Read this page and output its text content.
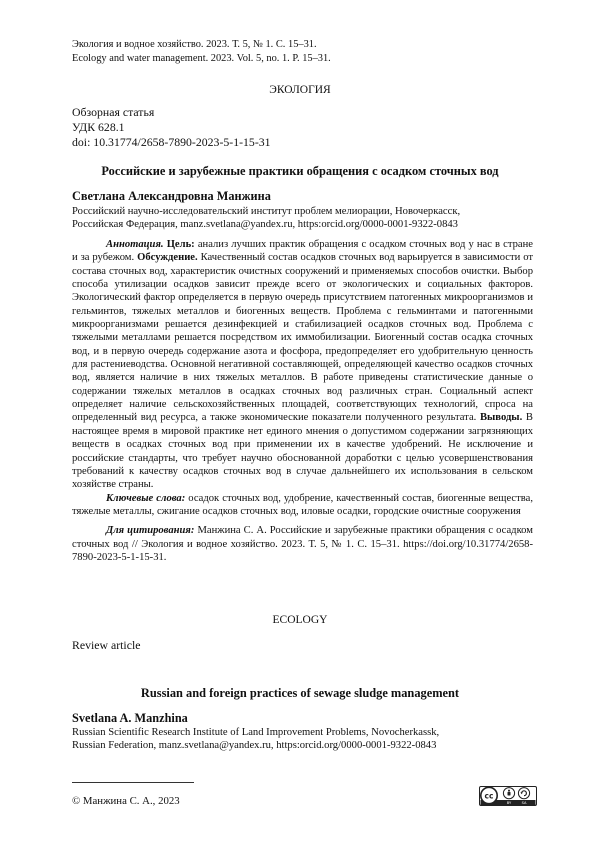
Экология и водное хозяйство. 2023. Т. 5, № 1. С. 15–31.
Ecology and water management. 2023. Vol. 5, no. 1. P. 15–31.
ЭКОЛОГИЯ
Обзорная статья
УДК 628.1
doi: 10.31774/2658-7890-2023-5-1-15-31
Российские и зарубежные практики обращения с осадком сточных вод
Светлана Александровна Манжина
Российский научно-исследовательский институт проблем мелиорации, Новочеркасск,
Российская Федерация, manz.svetlana@yandex.ru, https:orcid.org/0000-0001-9322-0843

Аннотация. Цель: анализ лучших практик обращения с осадком сточных вод у нас в стране и за рубежом. Обсуждение. Качественный состав осадков сточных вод варьируется в зависимости от состава сточных вод, характеристик очистных сооружений и применяемых способов очистки. Выбор способа утилизации осадков зависит прежде всего от экологических и социальных факторов. Экологический фактор определяется в первую очередь присутствием патогенных микроорганизмов и гельминтов, тяжелых металлов и биогенных веществ. Проблема с гельминтами и патогенными микроорганизмами решается дезинфекцией и стабилизацией осадков сточных вод. Проблема с тяжелыми металлами решается посредством их иммобилизации. Биогенный состав осадка сточных вод, и в первую очередь содержание азота и фосфора, предопределяет его удобрительную ценность для растениеводства. Основной негативной составляющей, определяющей качество осадков сточных вод, является наличие в них тяжелых металлов. В работе приведены статистические данные о содержании тяжелых металлов в осадках сточных вод различных стран. Социальный аспект определяет наличие сельскохозяйственных площадей, соответствующих технологий, спроса на определенный вид ресурса, а также экономические показатели полученного результата. Выводы. В настоящее время в мировой практике нет единого мнения о допустимом содержании загрязняющих веществ в осадках сточных вод при применении их в качестве удобрений. Не исключение и российские стандарты, что требует научно обоснованной доработки с целью усовершенствования требований к качеству осадков сточных вод в случае дальнейшего их использования в сельском хозяйстве страны.

Ключевые слова: осадок сточных вод, удобрение, качественный состав, биогенные вещества, тяжелые металлы, сжигание осадков сточных вод, иловые осадки, городские очистные сооружения

Для цитирования: Манжина С. А. Российские и зарубежные практики обращения с осадком сточных вод // Экология и водное хозяйство. 2023. Т. 5, № 1. С. 15–31. https://doi.org/10.31774/2658-7890-2023-5-1-15-31.

ECOLOGY
Review article
Russian and foreign practices of sewage sludge management
Svetlana A. Manzhina
Russian Scientific Research Institute of Land Improvement Problems, Novocherkassk,
Russian Federation, manz.svetlana@yandex.ru, https:orcid.org/0000-0001-9322-0843
© Манжина С. А., 2023	cc
BY	SA
